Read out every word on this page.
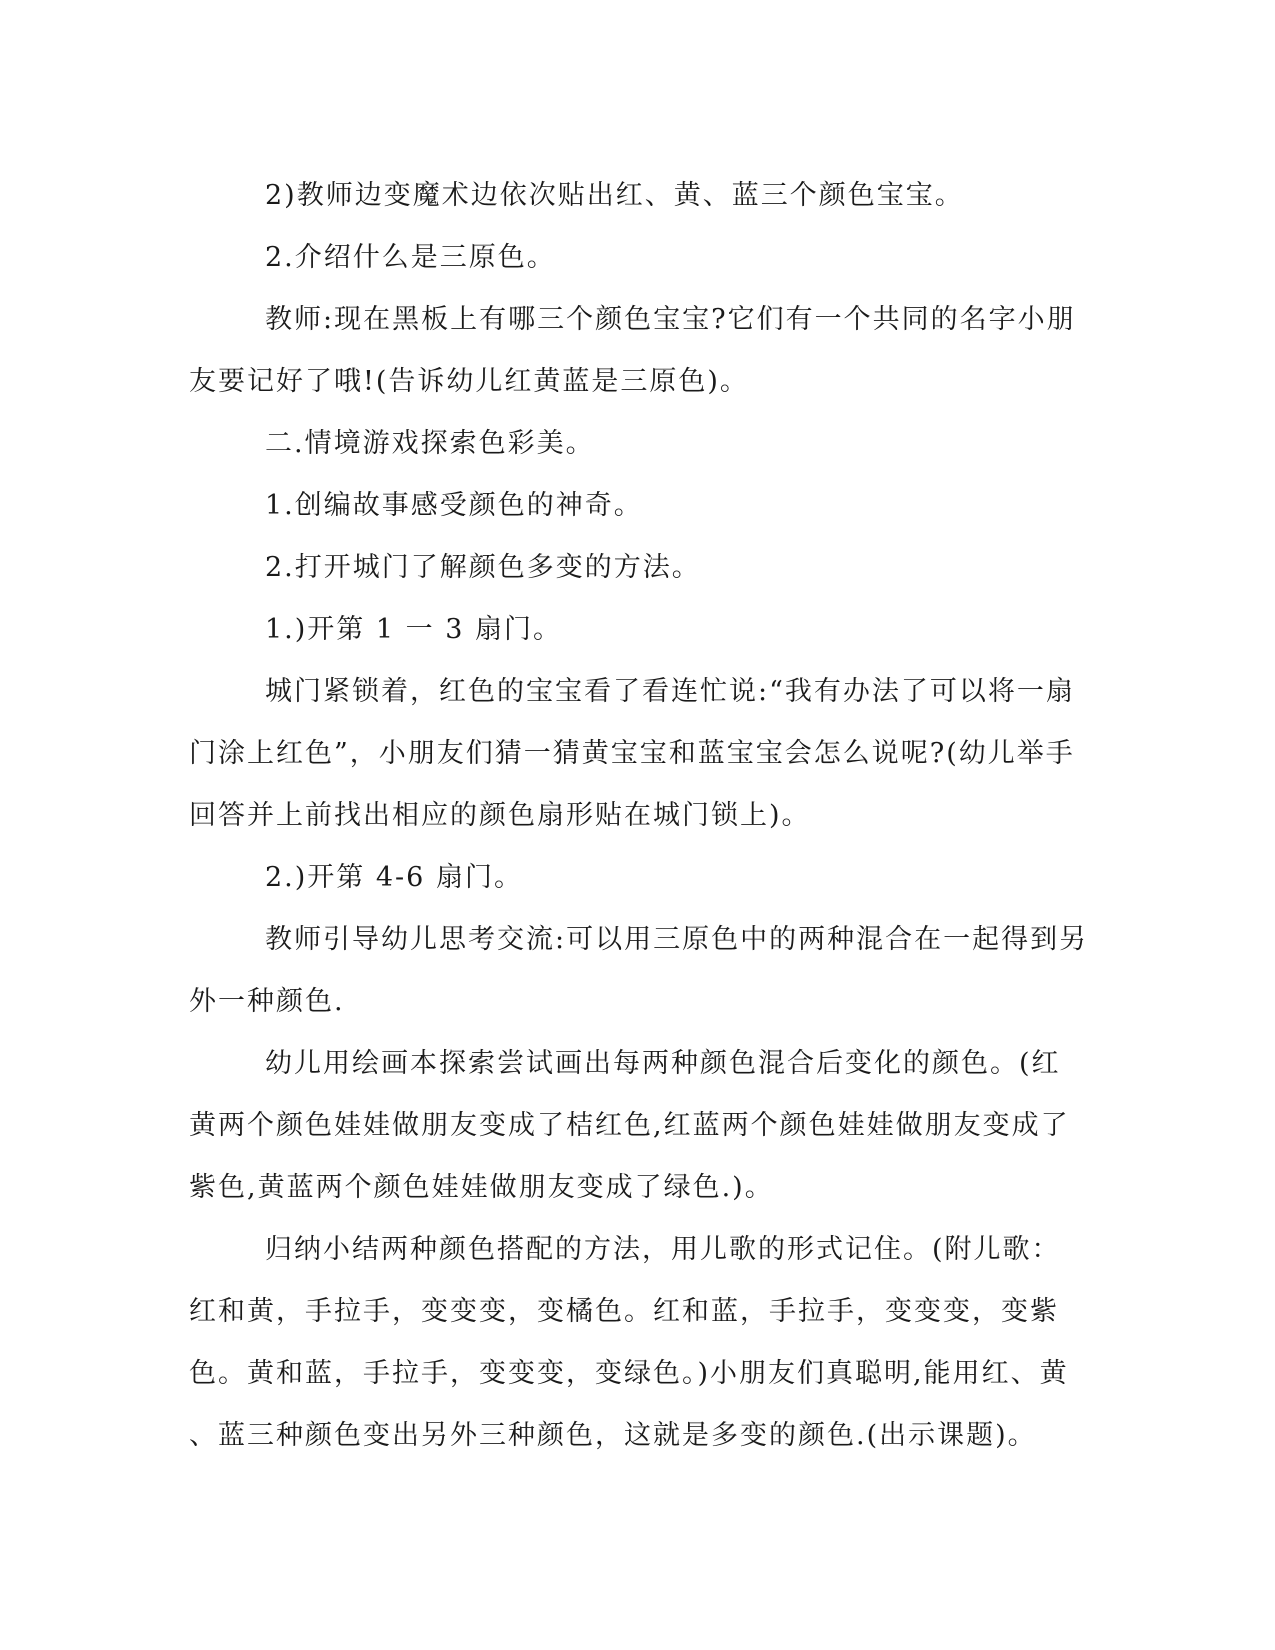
2)教师边变魔术边依次贴出红、黄、蓝三个颜色宝宝。
2.介绍什么是三原色。
教师:现在黑板上有哪三个颜色宝宝?它们有一个共同的名字小朋
友要记好了哦!(告诉幼儿红黄蓝是三原色)。
二.情境游戏探索色彩美。
1.创编故事感受颜色的神奇。
2.打开城门了解颜色多变的方法。
1.)开第 1 一 3 扇门。
城门紧锁着，红色的宝宝看了看连忙说:“我有办法了可以将一扇
门涂上红色”，小朋友们猜一猜黄宝宝和蓝宝宝会怎么说呢?(幼儿举手
回答并上前找出相应的颜色扇形贴在城门锁上)。
2.)开第 4-6 扇门。
教师引导幼儿思考交流:可以用三原色中的两种混合在一起得到另
外一种颜色.
幼儿用绘画本探索尝试画出每两种颜色混合后变化的颜色。(红
黄两个颜色娃娃做朋友变成了桔红色,红蓝两个颜色娃娃做朋友变成了
紫色,黄蓝两个颜色娃娃做朋友变成了绿色.)。
归纳小结两种颜色搭配的方法，用儿歌的形式记住。(附儿歌：
红和黄，手拉手，变变变，变橘色。红和蓝，手拉手，变变变，变紫
色。黄和蓝，手拉手，变变变，变绿色。)小朋友们真聪明,能用红、黄
、蓝三种颜色变出另外三种颜色，这就是多变的颜色.(出示课题)。
